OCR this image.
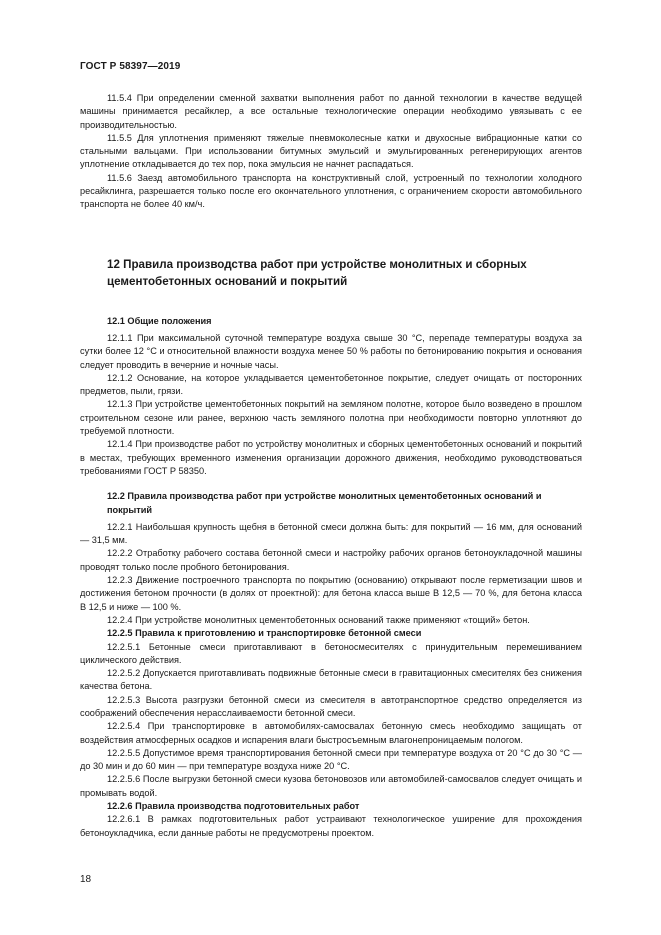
ГОСТ Р 58397—2019

11.5.4 При определении сменной захватки выполнения работ по данной технологии в качестве ведущей машины принимается ресайклер, а все остальные технологические операции необходимо увязывать с ее производительностью.

11.5.5 Для уплотнения применяют тяжелые пневмоколесные катки и двухосные вибрационные катки со стальными вальцами. При использовании битумных эмульсий и эмульгированных регенерирующих агентов уплотнение откладывается до тех пор, пока эмульсия не начнет распадаться.

11.5.6 Заезд автомобильного транспорта на конструктивный слой, устроенный по технологии холодного ресайклинга, разрешается только после его окончательного уплотнения, с ограничением скорости автомобильного транспорта не более 40 км/ч.

12 Правила производства работ при устройстве монолитных и сборных цементобетонных оснований и покрытий
12.1 Общие положения

12.1.1 При максимальной суточной температуре воздуха свыше 30 °С, перепаде температуры воздуха за сутки более 12 °С и относительной влажности воздуха менее 50 % работы по бетонированию покрытия и основания следует проводить в вечерние и ночные часы.

12.1.2 Основание, на которое укладывается цементобетонное покрытие, следует очищать от посторонних предметов, пыли, грязи.

12.1.3 При устройстве цементобетонных покрытий на земляном полотне, которое было возведено в прошлом строительном сезоне или ранее, верхнюю часть земляного полотна при необходимости повторно уплотняют до требуемой плотности.

12.1.4 При производстве работ по устройству монолитных и сборных цементобетонных оснований и покрытий в местах, требующих временного изменения организации дорожного движения, необходимо руководствоваться требованиями ГОСТ Р 58350.

12.2 Правила производства работ при устройстве монолитных цементобетонных оснований и покрытий

12.2.1 Наибольшая крупность щебня в бетонной смеси должна быть: для покрытий — 16 мм, для оснований — 31,5 мм.

12.2.2 Отработку рабочего состава бетонной смеси и настройку рабочих органов бетоноукладочной машины проводят только после пробного бетонирования.

12.2.3 Движение построечного транспорта по покрытию (основанию) открывают после герметизации швов и достижения бетоном прочности (в долях от проектной): для бетона класса выше В 12,5 — 70 %, для бетона класса В 12,5 и ниже — 100 %.

12.2.4 При устройстве монолитных цементобетонных оснований также применяют «тощий» бетон.

12.2.5 Правила к приготовлению и транспортировке бетонной смеси

12.2.5.1 Бетонные смеси приготавливают в бетоносмесителях с принудительным перемешиванием циклического действия.

12.2.5.2 Допускается приготавливать подвижные бетонные смеси в гравитационных смесителях без снижения качества бетона.

12.2.5.3 Высота разгрузки бетонной смеси из смесителя в автотранспортное средство определяется из соображений обеспечения нерасслаиваемости бетонной смеси.

12.2.5.4 При транспортировке в автомобилях-самосвалах бетонную смесь необходимо защищать от воздействия атмосферных осадков и испарения влаги быстросъемным влагонепроницаемым пологом.

12.2.5.5 Допустимое время транспортирования бетонной смеси при температуре воздуха от 20 °С до 30 °С — до 30 мин и до 60 мин — при температуре воздуха ниже 20 °С.

12.2.5.6 После выгрузки бетонной смеси кузова бетоновозов или автомобилей-самосвалов следует очищать и промывать водой.

12.2.6 Правила производства подготовительных работ

12.2.6.1 В рамках подготовительных работ устраивают технологическое уширение для прохождения бетоноукладчика, если данные работы не предусмотрены проектом.

18
